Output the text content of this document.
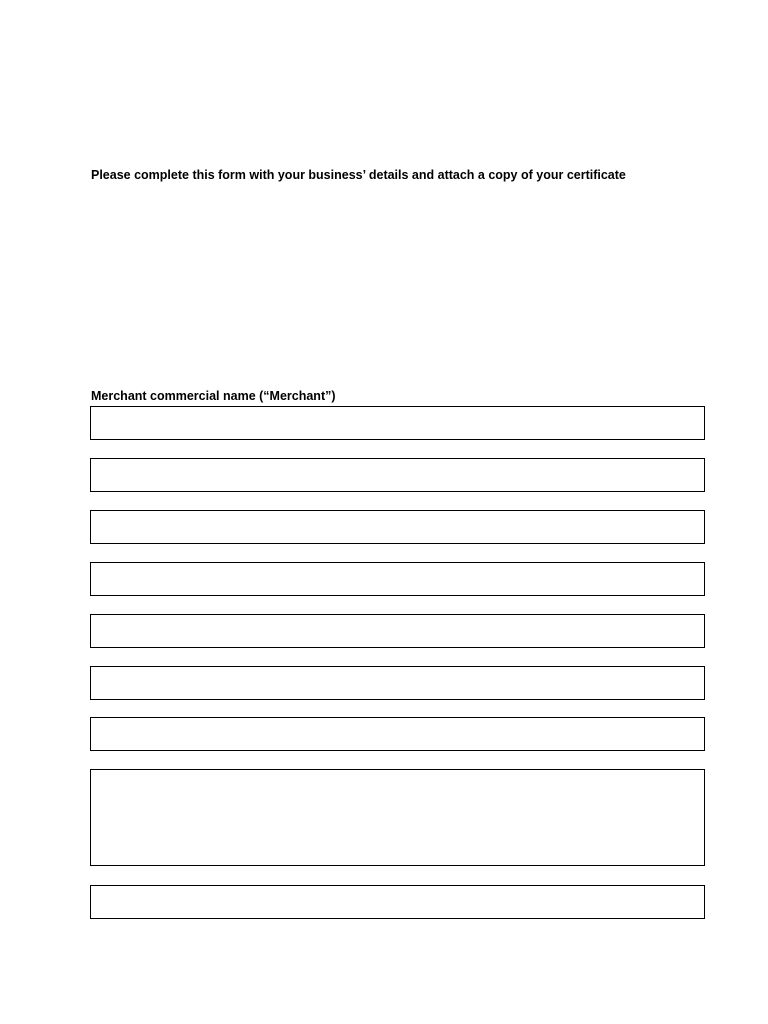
Please complete this form with your business’ details and attach a copy of your certificate
Merchant commercial name (“Merchant”)
